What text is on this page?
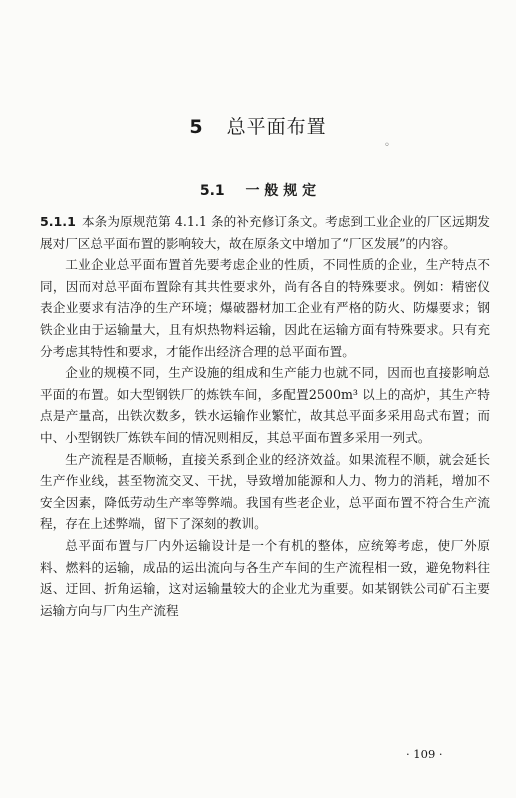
5 总平面布置
◦
5.1 一 般 规 定

5.1.1 本条为原规范第 4.1.1 条的补充修订条文。考虑到工业企业的厂区远期发展对厂区总平面布置的影响较大，故在原条文中增加了“厂区发展”的内容。

工业企业总平面布置首先要考虑企业的性质，不同性质的企业，生产特点不同，因而对总平面布置除有其共性要求外，尚有各自的特殊要求。例如：精密仪表企业要求有洁净的生产环境；爆破器材加工企业有严格的防火、防爆要求；钢铁企业由于运输量大，且有炽热物料运输，因此在运输方面有特殊要求。只有充分考虑其特性和要求，才能作出经济合理的总平面布置。

企业的规模不同，生产设施的组成和生产能力也就不同，因而也直接影响总平面的布置。如大型钢铁厂的炼铁车间，多配置2500m³ 以上的高炉，其生产特点是产量高，出铁次数多，铁水运输作业繁忙，故其总平面多采用岛式布置；而中、小型钢铁厂炼铁车间的情况则相反，其总平面布置多采用一列式。

生产流程是否顺畅，直接关系到企业的经济效益。如果流程不顺，就会延长生产作业线，甚至物流交叉、干扰，导致增加能源和人力、物力的消耗，增加不安全因素，降低劳动生产率等弊端。我国有些老企业，总平面布置不符合生产流程，存在上述弊端，留下了深刻的教训。

总平面布置与厂内外运输设计是一个有机的整体，应统筹考虑，使厂外原料、燃料的运输，成品的运出流向与各生产车间的生产流程相一致，避免物料往返、迂回、折角运输，这对运输量较大的企业尤为重要。如某钢铁公司矿石主要运输方向与厂内生产流程

· 109 ·
